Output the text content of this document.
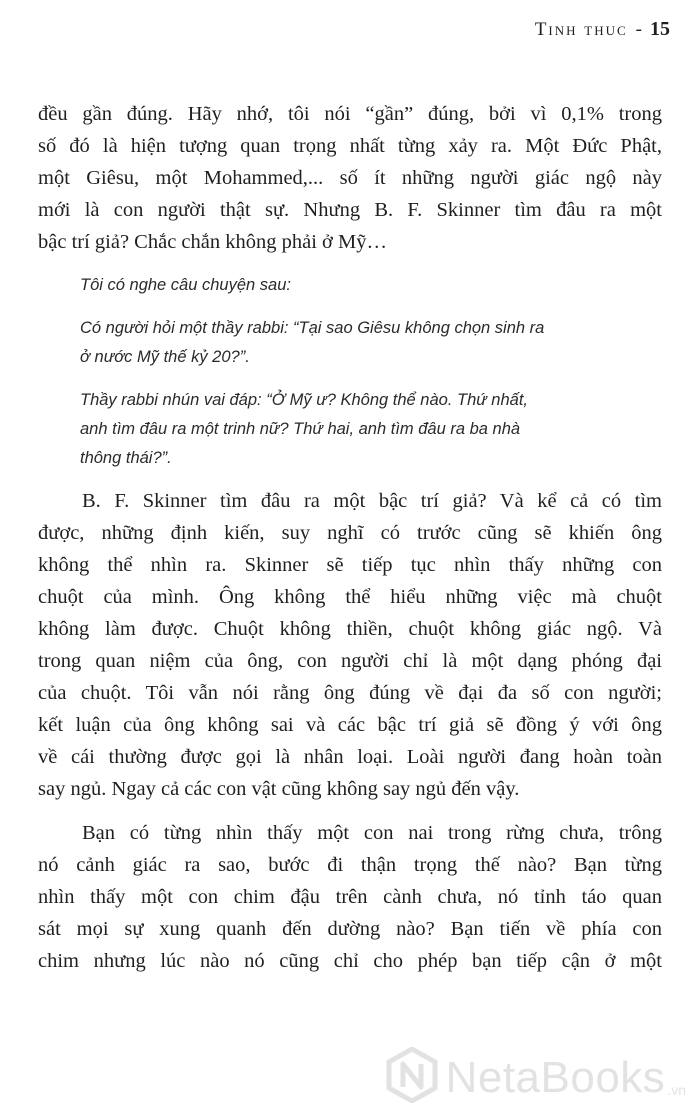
Tinh thuc - 15

đều gần đúng. Hãy nhớ, tôi nói “gần” đúng, bởi vì 0,1% trong
số đó là hiện tượng quan trọng nhất từng xảy ra. Một Đức Phật,
một Giêsu, một Mohammed,... số ít những người giác ngộ này
mới là con người thật sự. Nhưng B. F. Skinner tìm đâu ra một
bậc trí giả? Chắc chắn không phải ở Mỹ…

Tôi có nghe câu chuyện sau:
Có người hỏi một thầy rabbi: “Tại sao Giêsu không chọn sinh ra
ở nước Mỹ thế kỷ 20?”.
Thầy rabbi nhún vai đáp: “Ở Mỹ ư? Không thể nào. Thứ nhất,
anh tìm đâu ra một trinh nữ? Thứ hai, anh tìm đâu ra ba nhà
thông thái?”.

B. F. Skinner tìm đâu ra một bậc trí giả? Và kể cả có tìm
được, những định kiến, suy nghĩ có trước cũng sẽ khiến ông
không thể nhìn ra. Skinner sẽ tiếp tục nhìn thấy những con
chuột của mình. Ông không thể hiểu những việc mà chuột
không làm được. Chuột không thiền, chuột không giác ngộ. Và
trong quan niệm của ông, con người chỉ là một dạng phóng đại
của chuột. Tôi vẫn nói rằng ông đúng về đại đa số con người;
kết luận của ông không sai và các bậc trí giả sẽ đồng ý với ông
về cái thường được gọi là nhân loại. Loài người đang hoàn toàn
say ngủ. Ngay cả các con vật cũng không say ngủ đến vậy.

Bạn có từng nhìn thấy một con nai trong rừng chưa, trông
nó cảnh giác ra sao, bước đi thận trọng thế nào? Bạn từng
nhìn thấy một con chim đậu trên cành chưa, nó tỉnh táo quan
sát mọi sự xung quanh đến dường nào? Bạn tiến về phía con
chim nhưng lúc nào nó cũng chỉ cho phép bạn tiếp cận ở một

NetaBooks .vn
